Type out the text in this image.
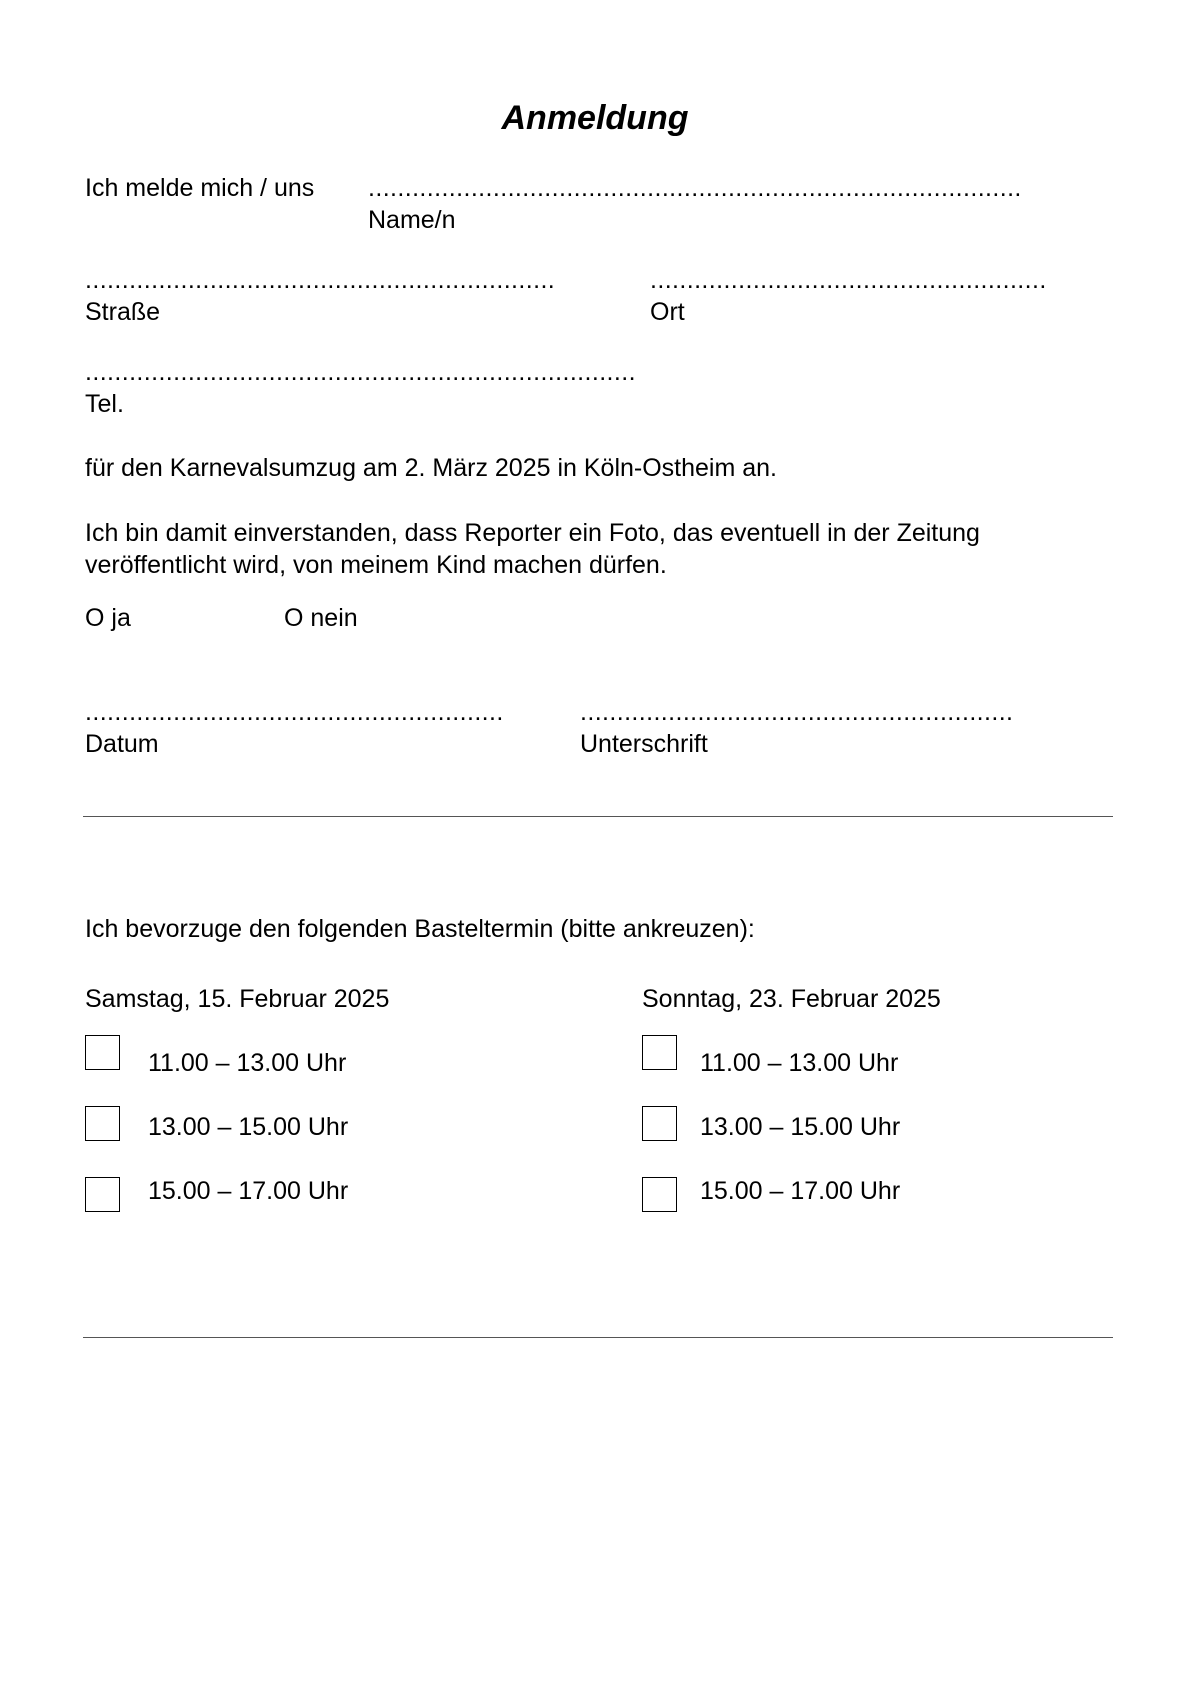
Anmeldung
Ich melde mich / uns .........................................................................................
Name/n
................................................................
Straße
......................................................
Ort
...........................................................................
Tel.
für den Karnevalsumzug am 2. März 2025 in Köln-Ostheim an.
Ich bin damit einverstanden, dass Reporter ein Foto, das eventuell in der Zeitung
veröffentlicht wird, von meinem Kind machen dürfen.
O ja	O nein
.........................................................
Datum
...........................................................
Unterschrift
Ich bevorzuge den folgenden Basteltermin (bitte ankreuzen):
Samstag, 15. Februar 2025
11.00 – 13.00 Uhr
13.00 – 15.00 Uhr
15.00 – 17.00 Uhr
Sonntag, 23. Februar 2025
11.00 – 13.00 Uhr
13.00 – 15.00 Uhr
15.00 – 17.00 Uhr
